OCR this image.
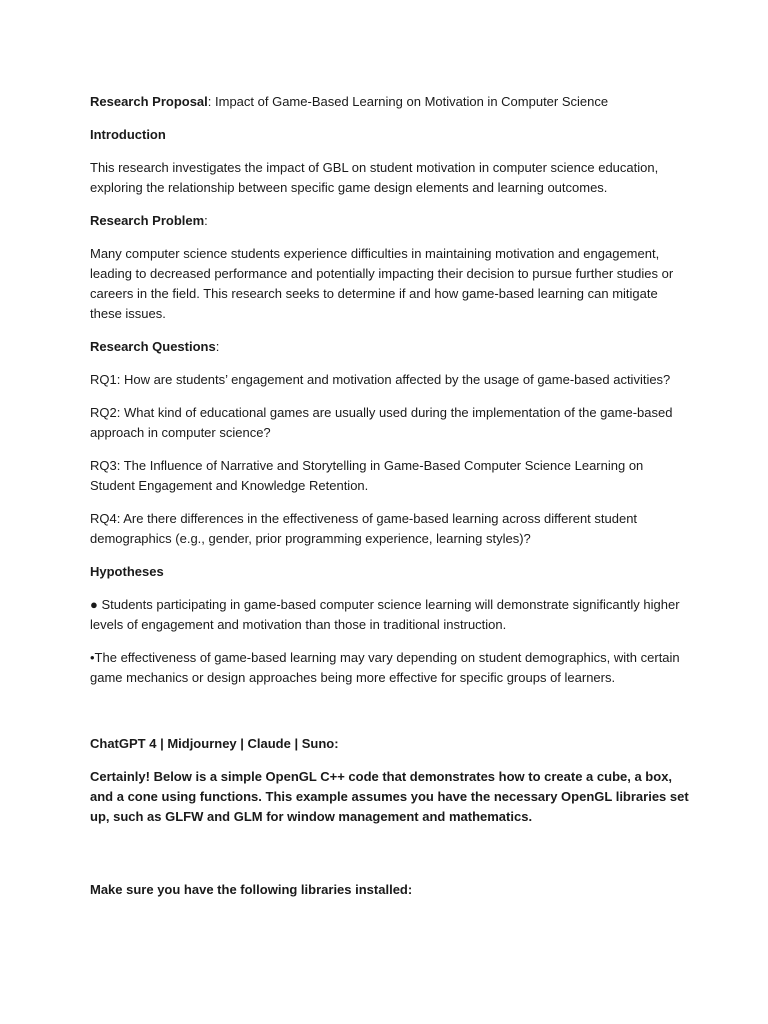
Research Proposal: Impact of Game-Based Learning on Motivation in Computer Science

Introduction

This research investigates the impact of GBL on student motivation in computer science education, exploring the relationship between specific game design elements and learning outcomes.

Research Problem:

Many computer science students experience difficulties in maintaining motivation and engagement, leading to decreased performance and potentially impacting their decision to pursue further studies or careers in the field. This research seeks to determine if and how game-based learning can mitigate these issues.

Research Questions:

RQ1: How are students’ engagement and motivation affected by the usage of game-based activities?

RQ2: What kind of educational games are usually used during the implementation of the game-based approach in computer science?

RQ3: The Influence of Narrative and Storytelling in Game-Based Computer Science Learning on Student Engagement and Knowledge Retention.

RQ4: Are there differences in the effectiveness of game-based learning across different student demographics (e.g., gender, prior programming experience, learning styles)?

Hypotheses

● Students participating in game-based computer science learning will demonstrate significantly higher levels of engagement and motivation than those in traditional instruction.

•The effectiveness of game-based learning may vary depending on student demographics, with certain game mechanics or design approaches being more effective for specific groups of learners.

ChatGPT 4 | Midjourney | Claude | Suno:

Certainly! Below is a simple OpenGL C++ code that demonstrates how to create a cube, a box, and a cone using functions. This example assumes you have the necessary OpenGL libraries set up, such as GLFW and GLM for window management and mathematics.

Make sure you have the following libraries installed:
